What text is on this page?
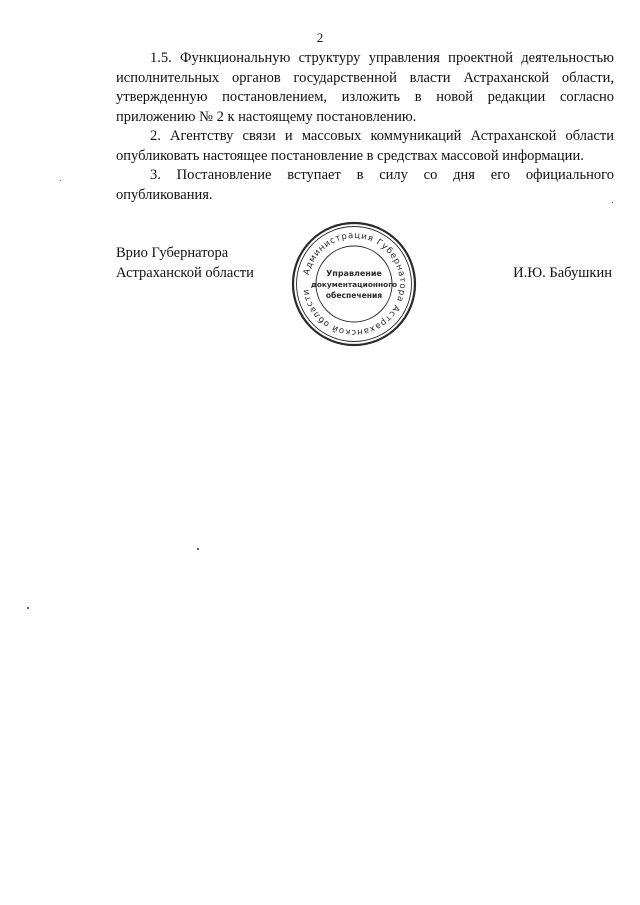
2

1.5. Функциональную структуру управления проектной деятельностью исполнительных органов государственной власти Астраханской области, утвержденную постановлением, изложить в новой редакции согласно приложению № 2 к настоящему постановлению.

2. Агентству связи и массовых коммуникаций Астраханской области опубликовать настоящее постановление в средствах массовой информации.

3. Постановление вступает в силу со дня его официального опубликования.

Врио Губернатора
Астраханской области	И.Ю. Бабушкин
Администрация Губернатора Астраханской области
Управление
документационного
обеспечения
